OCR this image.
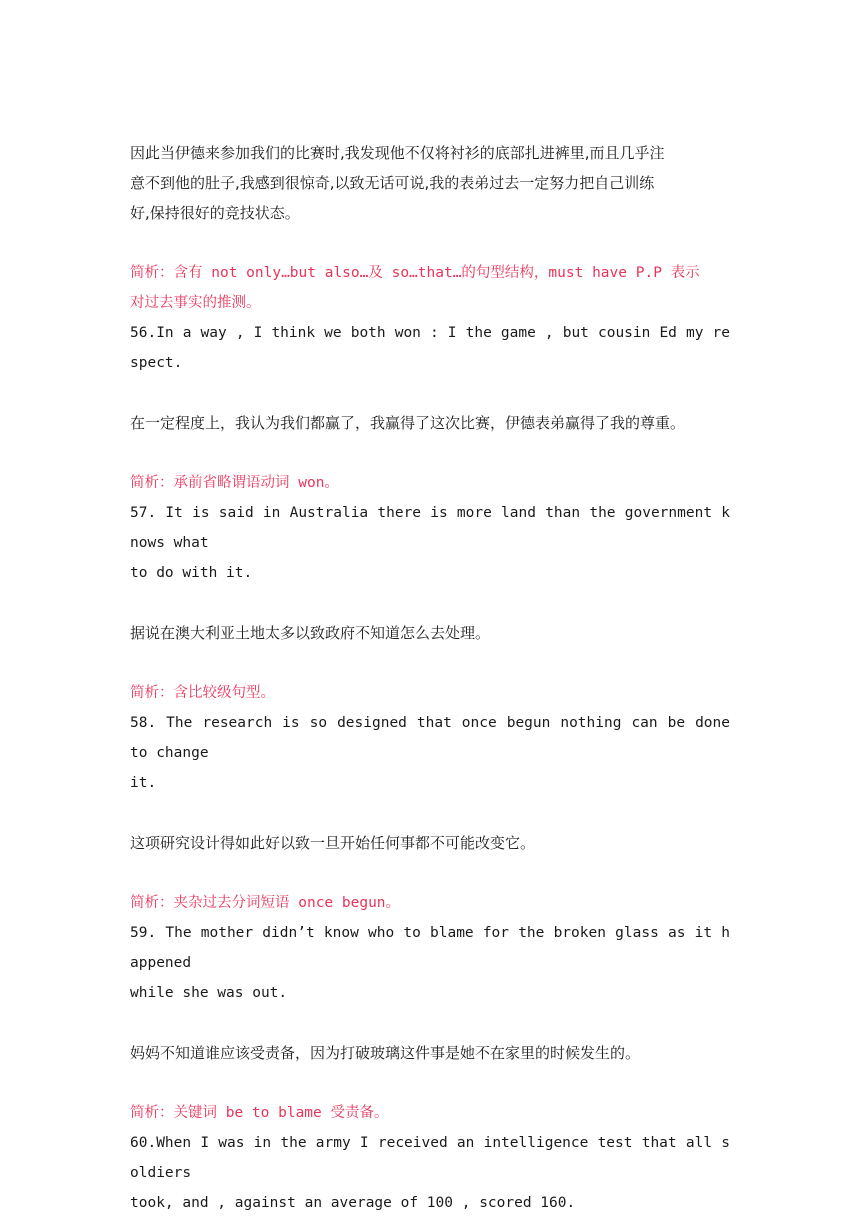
因此当伊德来参加我们的比赛时,我发现他不仅将衬衫的底部扎进裤里,而且几乎注
意不到他的肚子,我感到很惊奇,以致无话可说,我的表弟过去一定努力把自己训练
好,保持很好的竞技状态。
简析：含有 not only…but also…及 so…that…的句型结构，must have P.P 表示
对过去事实的推测。
56.In a way , I think we both won : I the game , but cousin Ed my respect.
在一定程度上，我认为我们都赢了，我赢得了这次比赛，伊德表弟赢得了我的尊重。
简析：承前省略谓语动词 won。
57. It is said in Australia there is more land than the government knows what
to do with it.
据说在澳大利亚土地太多以致政府不知道怎么去处理。
简析：含比较级句型。
58. The research is so designed that once begun nothing can be done to change
it.
这项研究设计得如此好以致一旦开始任何事都不可能改变它。
简析：夹杂过去分词短语 once begun。
59. The mother didn’t know who to blame for the broken glass as it happened
while she was out.
妈妈不知道谁应该受责备，因为打破玻璃这件事是她不在家里的时候发生的。
简析：关键词 be to blame 受责备。
60.When I was in the army I received an intelligence test that all soldiers
took, and , against an average of 100 , scored 160.
